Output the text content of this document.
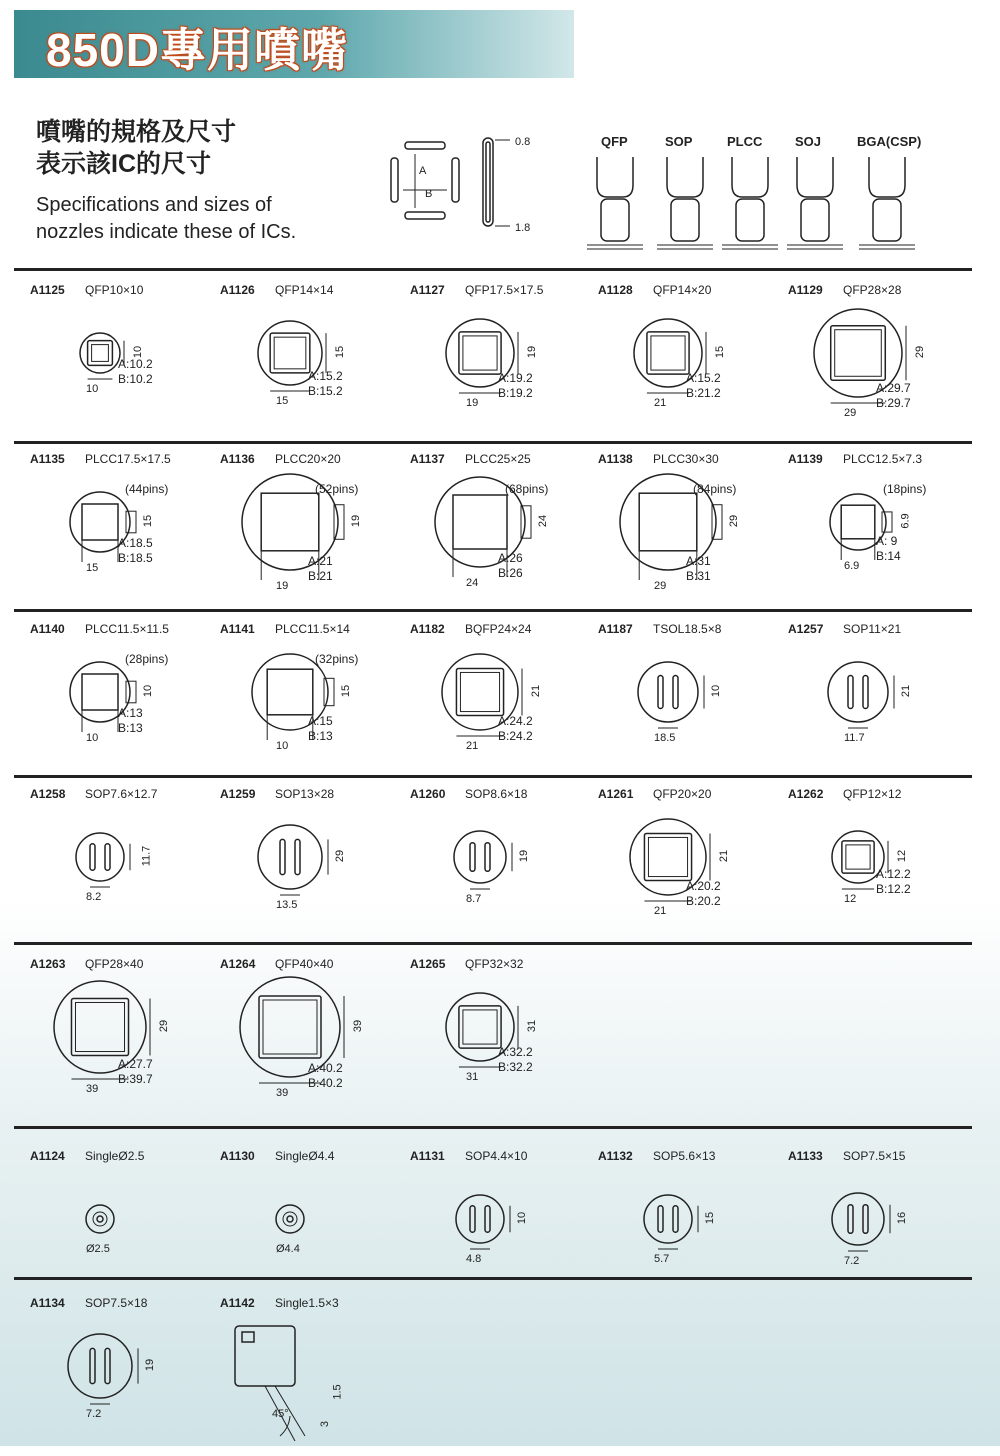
850D專用噴嘴
噴嘴的規格及尺寸
表示該IC的尺寸
Specifications and sizes of
nozzles indicate these of ICs.
A
B
0.8
1.8
QFP	SOP	PLCC	SOJ	BGA(CSP)
A1125 QFP10×10
10
10
A:10.2
B:10.2
A1126 QFP14×14
15
15
A:15.2
B:15.2
A1127 QFP17.5×17.5
19
19
A:19.2
B:19.2
A1128 QFP14×20
15
21
A:15.2
B:21.2
A1129 QFP28×28
29
29
A:29.7
B:29.7
A1135 PLCC17.5×17.5
(44pins)
15
15
A:18.5
B:18.5
A1136 PLCC20×20
(52pins)
19
19
A:21
B:21
A1137 PLCC25×25
(68pins)
24
24
A:26
B:26
A1138 PLCC30×30
(84pins)
29
29
A:31
B:31
A1139 PLCC12.5×7.3
(18pins)
6.9
6.9
A: 9
B:14
A1140 PLCC11.5×11.5
(28pins)
10
10
A:13
B:13
A1141 PLCC11.5×14
(32pins)
15
10
A:15
B:13
A1182 BQFP24×24
21
21
A:24.2
B:24.2
A1187 TSOL18.5×8
10
18.5
A1257 SOP11×21
21
11.7
A1258 SOP7.6×12.7
11.7
8.2
A1259 SOP13×28
29
13.5
A1260 SOP8.6×18
19
8.7
A1261 QFP20×20
21
21
A:20.2
B:20.2
A1262 QFP12×12
12
12
A:12.2
B:12.2
A1263 QFP28×40
29
39
A:27.7
B:39.7
A1264 QFP40×40
39
39
A:40.2
B:40.2
A1265 QFP32×32
31
31
A:32.2
B:32.2
A1124 SingleØ2.5
Ø2.5
A1130 SingleØ4.4
Ø4.4
A1131 SOP4.4×10
10
4.8
A1132 SOP5.6×13
15
5.7
A1133 SOP7.5×15
16
7.2
A1134 SOP7.5×18
19
7.2
A1142 Single1.5×3
45°
1.5
3
